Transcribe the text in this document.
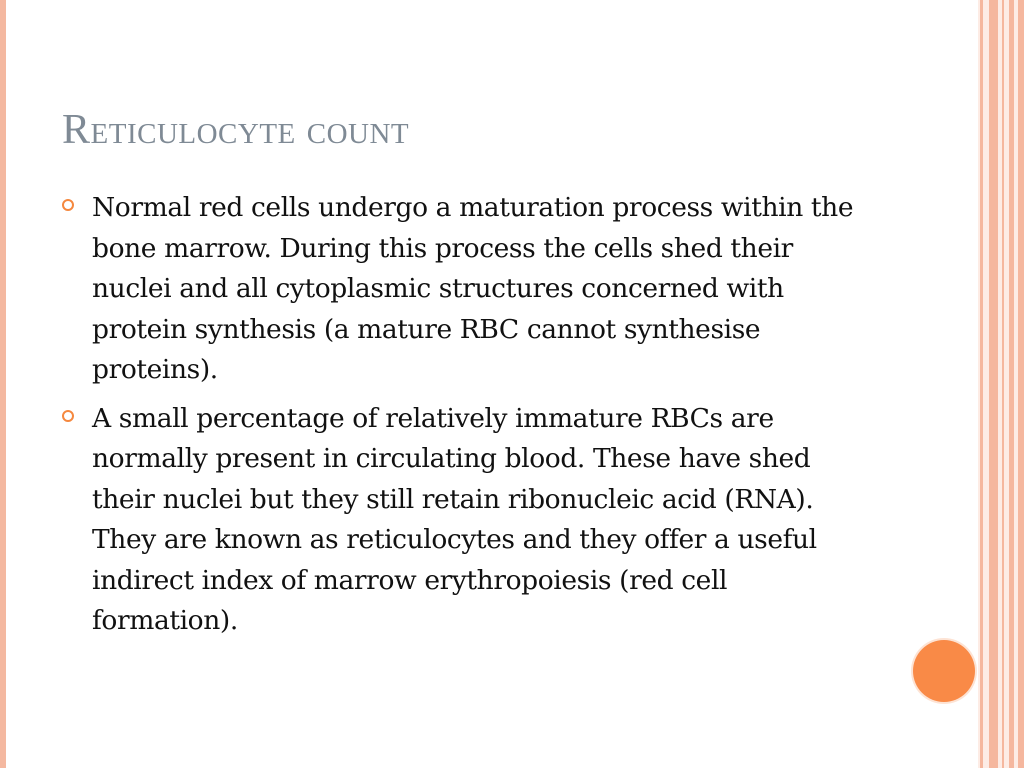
Reticulocyte count
Normal red cells undergo a maturation process within the bone marrow. During this process the cells shed their nuclei and all cytoplasmic structures concerned with protein synthesis (a mature RBC cannot synthesise proteins).
A small percentage of relatively immature RBCs are normally present in circulating blood. These have shed their nuclei but they still retain ribonucleic acid (RNA). They are known as reticulocytes and they offer a useful indirect index of marrow erythropoiesis (red cell formation).
